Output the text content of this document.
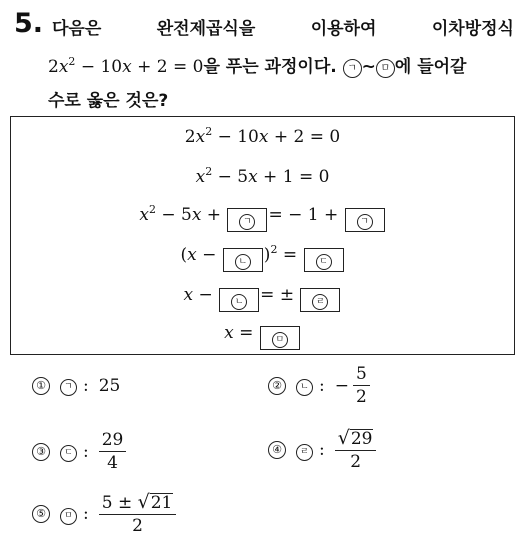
5. 다음은	완전제곱식을	이용하여	이차방정식
$2x^2 - 10x + 2 = 0$을 푸는 과정이다. ㄱ ~ ㅁ 에 들어갈
수로 옳은 것은?
$2x^2 - 10x + 2 = 0$
$x^2 - 5x + 1 = 0$
$x^2 - 5x$ + ㄱ = − 1 + ㄱ
(x − ㄴ )$^2$ = ㄷ
x − ㄴ = ± ㄹ
x = ㅁ
①	ㄱ : 25	②	ㄴ : − $\frac{5}{2}$
③	ㄷ : $\frac{29}{4}$	④	ㄹ : $\frac{√ 29}{2}$
⑤	ㅁ : $\frac{5 \pm √ 21}{2}$
